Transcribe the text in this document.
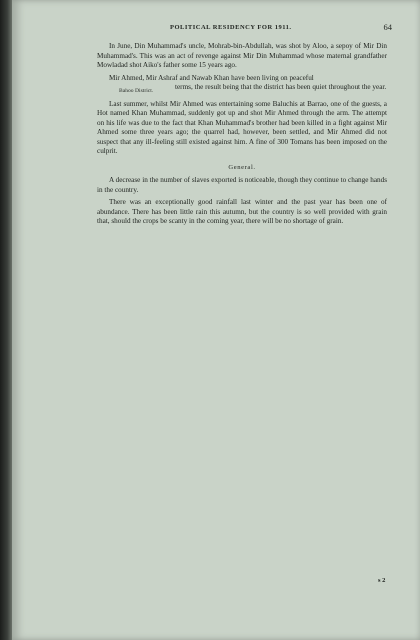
POLITICAL RESIDENCY FOR 1911.	64

In June, Din Muhammad's uncle, Mohrab-bin-Abdullah, was shot by Aloo, a sepoy of Mir Din Muhammad's. This was an act of revenge against Mir Din Muhammad whose maternal grandfather Mowladad shot Aiko's father some 15 years ago.

Mir Ahmed, Mir Ashraf and Nawab Khan have been living on peaceful

Bahoo District.	terms, the result being that the district has been quiet throughout the year.

Last summer, whilst Mir Ahmed was entertaining some Baluchis at Barrao, one of the guests, a Hot named Khan Muhammad, suddenly got up and shot Mir Ahmed through the arm. The attempt on his life was due to the fact that Khan Muhammad's brother had been killed in a fight against Mir Ahmed some three years ago; the quarrel had, however, been settled, and Mir Ahmed did not suspect that any ill-feeling still existed against him. A fine of 300 Tomans has been imposed on the culprit.

General.

A decrease in the number of slaves exported is noticeable, though they continue to change hands in the country.

There was an exceptionally good rainfall last winter and the past year has been one of abundance. There has been little rain this autumn, but the country is so well provided with grain that, should the crops be scanty in the coming year, there will be no shortage of grain.

s 2
